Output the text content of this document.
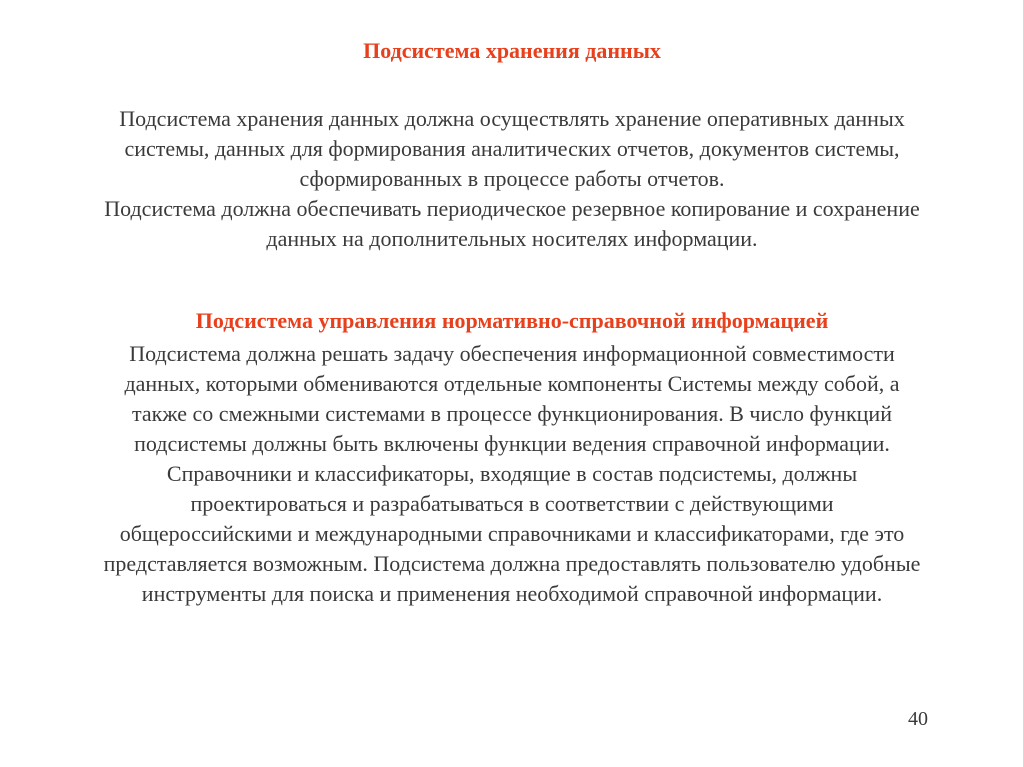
Подсистема хранения данных
Подсистема хранения данных должна осуществлять хранение оперативных данных
системы, данных для формирования аналитических отчетов, документов системы,
сформированных в процессе работы отчетов.
Подсистема должна обеспечивать периодическое резервное копирование и сохранение
данных на дополнительных носителях информации.
Подсистема управления нормативно-справочной информацией
Подсистема должна решать задачу обеспечения информационной совместимости
данных, которыми обмениваются отдельные компоненты Системы между собой, а
также со смежными системами в процессе функционирования. В число функций
подсистемы должны быть включены функции ведения справочной информации.
Справочники и классификаторы, входящие в состав подсистемы, должны
проектироваться и разрабатываться в соответствии с действующими
общероссийскими и международными справочниками и классификаторами, где это
представляется возможным. Подсистема должна предоставлять пользователю удобные
инструменты для поиска и применения необходимой справочной информации.
40
